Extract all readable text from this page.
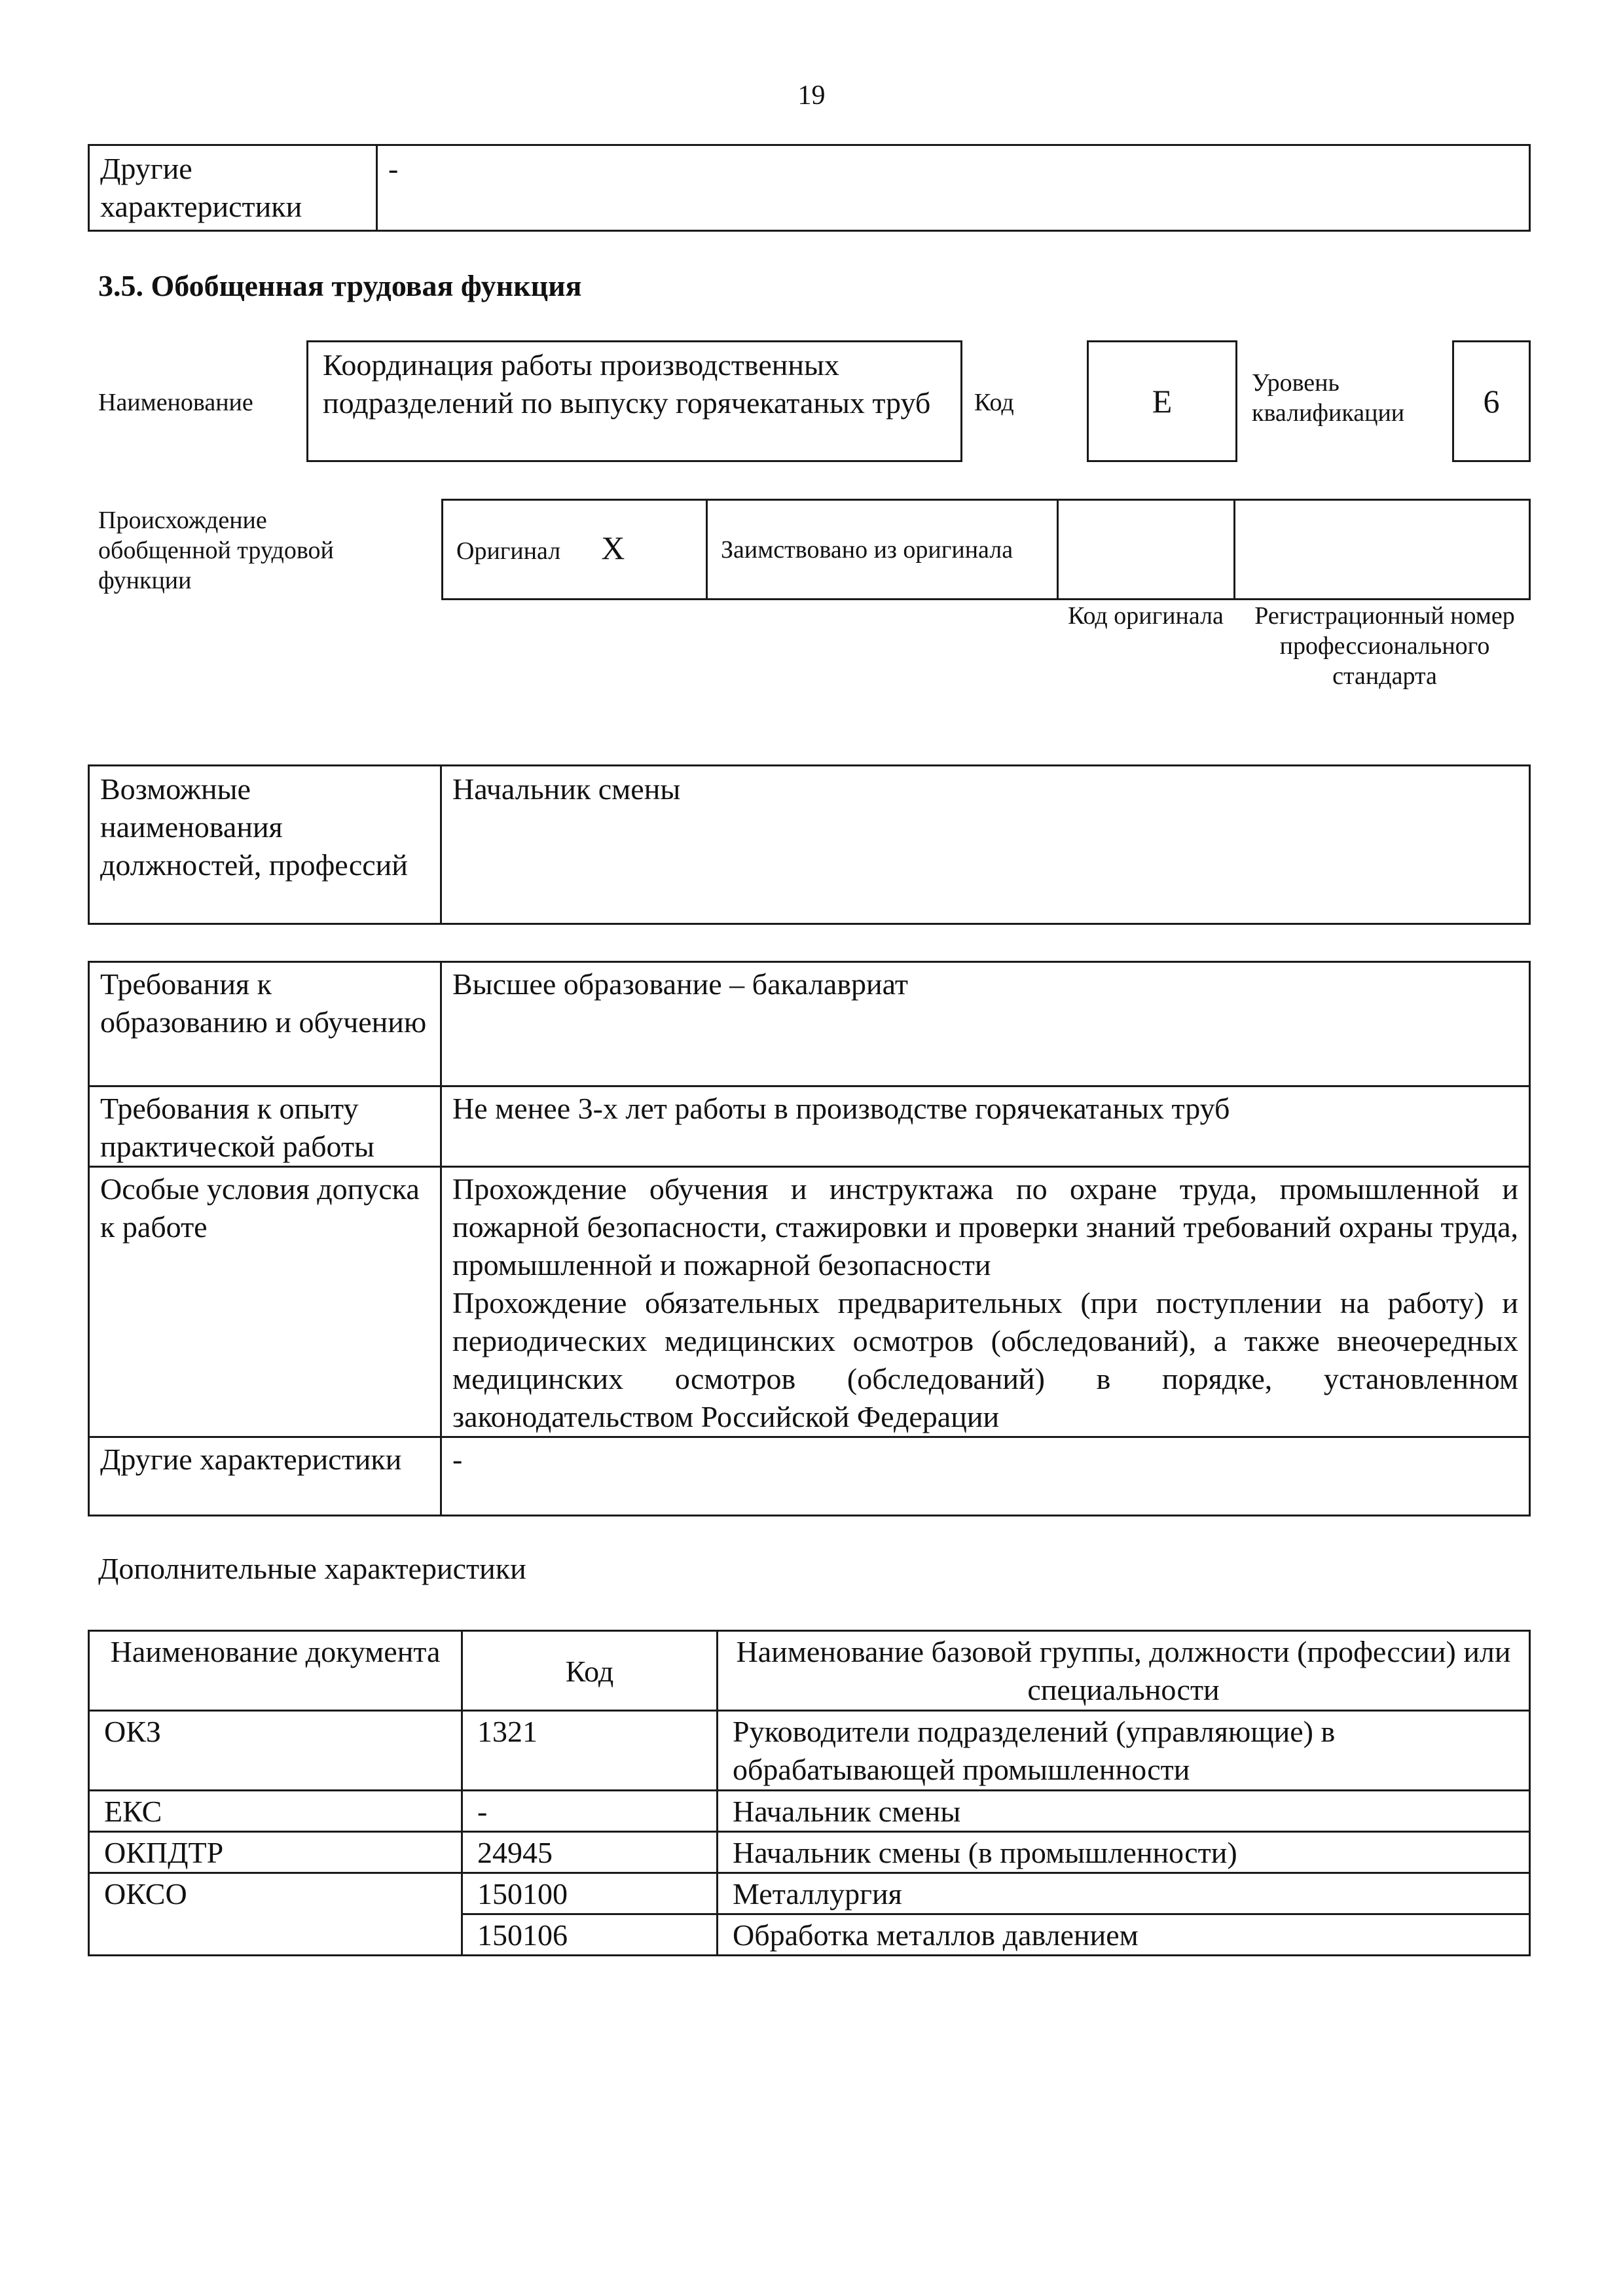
19
Другие характеристики	-
3.5. Обобщенная трудовая функция
Наименование
Координация работы производственных подразделений по выпуску горячекатаных труб	Код	E	Уровень квалификации	6
Происхождение обобщенной трудовой функции
Оригинал X	Заимствовано из оригинала

Код оригинала	Регистрационный номер профессионального стандарта
Возможные наименования должностей, профессий	Начальник смены
Требования к образованию и обучению	Высшее образование – бакалавриат

Требования к опыту практической работы	Не менее 3-х лет работы в производстве горячекатаных труб

Особые условия допуска к работе	Прохождение обучения и инструктажа по охране труда, промышленной и пожарной безопасности, стажировки и проверки знаний требований охраны труда, промышленной и пожарной безопасности
Прохождение обязательных предварительных (при поступлении на работу) и периодических медицинских осмотров (обследований), а также внеочередных медицинских осмотров (обследований) в порядке, установленном законодательством Российской Федерации

Другие характеристики	-
Дополнительные характеристики
Наименование документа	Код	Наименование базовой группы, должности (профессии) или специальности
ОКЗ	1321	Руководители подразделений (управляющие) в обрабатывающей промышленности
ЕКС	-	Начальник смены
ОКПДТР	24945	Начальник смены (в промышленности)
ОКСО	150100	Металлургия
	150106	Обработка металлов давлением
